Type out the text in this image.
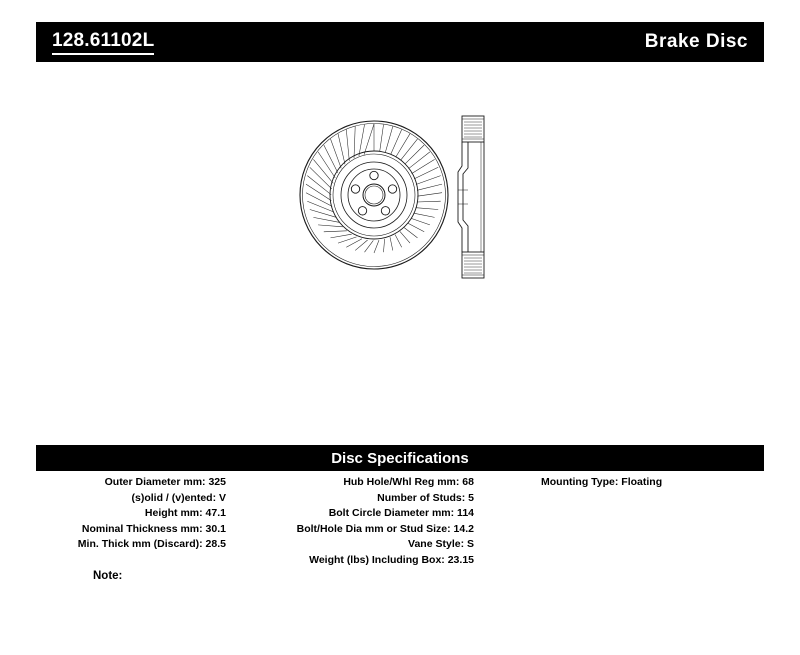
128.61102L	Brake Disc
Disc Specifications
Outer Diameter mm: 325
(s)olid / (v)ented: V
Height mm: 47.1
Nominal Thickness mm: 30.1
Min. Thick mm (Discard): 28.5
Hub Hole/Whl Reg mm: 68
Number of Studs: 5
Bolt Circle Diameter mm: 114
Bolt/Hole Dia mm or Stud Size: 14.2
Vane Style: S
Weight (lbs) Including Box: 23.15
Mounting Type: Floating
Note:
